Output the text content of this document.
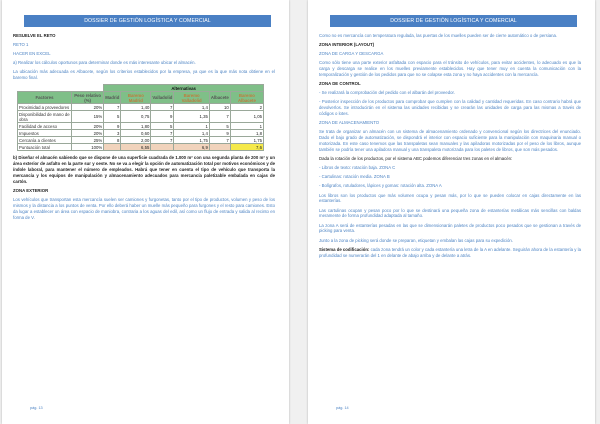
DOSSIER DE GESTIÓN LOGÍSTICA Y COMERCIAL

RESUELVE EL RETO

RETO 1

HACER EN EXCEL

a) Realizar los cálculos oportunos para determinar donde es más interesante ubicar el almacén.

La ubicación más adecuada es Albacete, según los criterios establecidos por la empresa, ya que es la que más nota obtiene en el baremo final.

		Alternativas					
Factores	Peso relativo (%)	Madrid	Baremo Madrid	Valladolid	Baremo Valladolid	Albacete	Baremo Albacete
Proximidad a proveedores	20%	7	1,40	7	1,4	10	2
Disponibilidad de mano de obra	15%	5	0,75	9	1,35	7	1,05
Facilidad de acceso	20%	9	1,80	5	1	5	1
Impuestos	20%	3	0,60	7	1,4	9	1,8
Cercanía a clientes	25%	8	2,00	7	1,75	7	1,75
Puntuación total	100%		6,55		6,9		7,6

b) Diseñar el almacén sabiendo que se dispone de una superficie cuadrada de 1.000 m² con una segunda planta de 200 m² y un área exterior de asfalto en la parte sur y oeste. No se va a elegir la opción de automatización total por motivos económicos y de índole laboral, para mantener el número de empleados. Habrá que tener en cuenta el tipo de vehículo que transporta la mercancía y los equipos de manipulación y almacenamiento adecuados para mercancía paletizable embalada en cajas de cartón.

ZONA EXTERIOR

Los vehículos que transportan esta mercancía suelen ser camiones y furgonetas, tanto por el tipo de productos, volumen y peso de los mismos y la distancia a los puntos de venta. Por ello deberá haber un muelle más pequeño para furgones y el resto para camiones. Esto da lugar a establecer un área con espacio de maniobra, contraria a los aguas del edil, así como un flujo de entrada y salida al recinto en forma de V.

pág. 13
DOSSIER DE GESTIÓN LOGÍSTICA Y COMERCIAL

Como no es mercancía con temperatura regulada, las puertas de los muelles pueden ser de cierre automático o de persiana.

ZONA INTERIOR (LAYOUT)

ZONA DE CARGA Y DESCARGA

Como sólo tiene una parte exterior asfaltada con espacio para el tránsito de vehículos, para evitar accidentes, lo adecuado es que la carga y descarga se realice en los muelles previamente establecidos. Hay que tener muy en cuenta la comunicación con la temporalización y gestión de los pedidos para que no se colapse esta zona y no haya accidentes con la mercancía.

ZONA DE CONTROL

- Se realizará la comprobación del pedido con el albarán del proveedor.

- Posterior inspección de los productos para comprobar que cumplen con la calidad y cantidad requeridas. En caso contrario habrá que devolverlos. Se introducirán en el sistema las unidades recibidas y se crearán las unidades de carga para las mismas a través de códigos o lotes.

ZONA DE ALMACENAMIENTO

Se trata de organizar un almacén con un sistema de almacenamiento ordenado y convencional según los directrices del enunciado. Dado el bajo grado de automatización, se dispondrá el interior con espacio suficiente para la manipulación con maquinaria manual o motorizada. En este caso tenemos que las transpaletas sean manuales y las apiladoras motorizadas por el peso de los libros, aunque también se podría tener una apiladora manual y una transpaleta motorizada para los paletes de libros, que son más pesados.

Dada la rotación de los productos, por el sistema ABC podemos diferenciar tres zonas en el almacén:

- Libros de texto: rotación baja. ZONA C

- Cartulinas: rotación media. ZONA B

- Bolígrafos, rotuladores, lápices y gomas: rotación alta. ZONA A

Los libros son los productos que más volumen ocupa y pesan más, por lo que se pueden colocar en cajas directamente en las estanterías.

Las cartulinas ocupan y pesan poco por lo que se destinará una pequeña zona de estanterías metálicas más sencillas con baldas meramente de forma profundidad adaptada al tamaño.

La zona A será de estanterías pesadas en las que se dimensionarán paletes de productos poco pesados que se gestionan a través de picking para venta.

Junto a la zona de picking será donde se preparan, etiquetan y embalan las cajas para su expedición.

Sistema de codificación: cada zona tendrá un color y cada estantería una letra de la A en adelante. Seguirán ahora de la estantería y la profundidad se numerarán del 1 en delante de abajo arriba y de delante a atrás.

pág. 14
